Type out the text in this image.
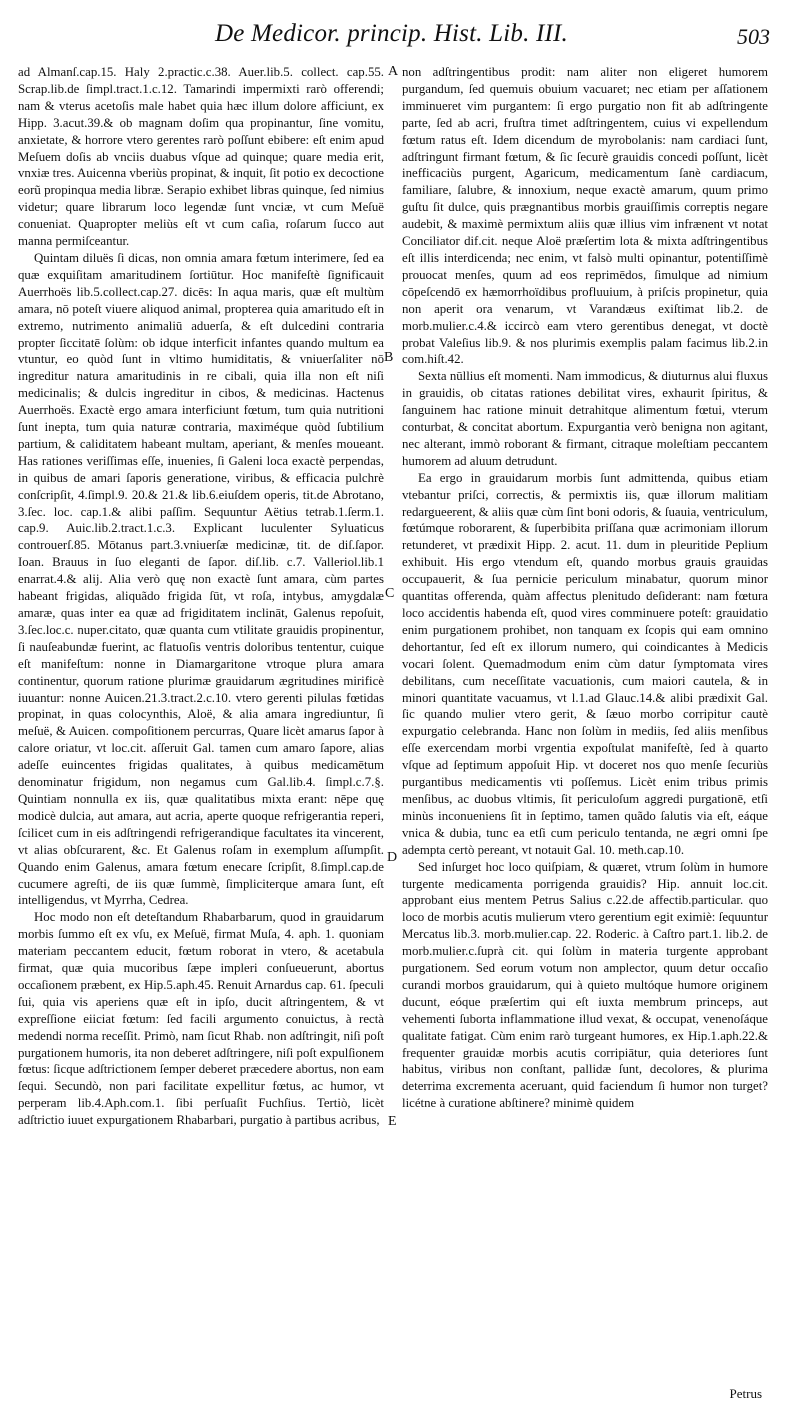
De Medicor. princip. Hist. Lib. III.	503

ad Almanſ.cap.15. Haly 2.practic.c.38. Auer.lib.5. collect. cap.55. Scrap.lib.de ſimpl.tract.1.c.12. Tamarindi impermixti rarò offerendi; nam & vterus acetoſis male habet quia hæc illum dolore afficiunt, ex Hipp. 3.acut.39.& ob magnam doſim qua propinantur, ſine vomitu, anxietate, & horrore vtero gerentes rarò poſſunt ebibere: eſt enim apud Meſuem doſis ab vnciis duabus vſque ad quinque; quare media erit, vnxiæ tres. Auicenna vberiùs propinat, & inquit, ſit potio ex decoctione eorũ propinqua media libræ. Serapio exhibet libras quinque, ſed nimius videtur; quare librarum loco legendæ ſunt vnciæ, vt cum Meſuë conueniat. Quapropter meliùs eſt vt cum caſia, roſarum ſucco aut manna permiſceantur.

Quintam diluës ſi dicas, non omnia amara fœtum interimere, ſed ea quæ exquiſitam amaritudinem ſortiūtur. Hoc manifeſtè ſignificauit Auerrhoës lib.5.collect.cap.27. dicēs: In aqua maris, quæ eſt multùm amara, nō poteſt viuere aliquod animal, propterea quia amaritudo eſt in extremo, nutrimento animaliū aduerſa, & eſt dulcedini contraria propter ſiccitatē ſolùm: ob idque interficit infantes quando multum ea vtuntur, eo quòd ſunt in vltimo humiditatis, & vniuerſaliter nō ingreditur natura amaritudinis in re cibali, quia illa non eſt niſi medicinalis; & dulcis ingreditur in cibos, & medicinas. Hactenus Auerrhoës. Exactè ergo amara interficiunt fœtum, tum quia nutritioni ſunt inepta, tum quia naturæ contraria, maximéque quòd ſubtilium partium, & caliditatem habeant multam, aperiant, & menſes moueant. Has rationes veriſſimas eſſe, inuenies, ſi Galeni loca exactè perpendas, in quibus de amari ſaporis generatione, viribus, & efficacia pulchrè conſcripſit, 4.ſimpl.9. 20.& 21.& lib.6.eiuſdem operis, tit.de Abrotano, 3.ſec. loc. cap.1.& alibi paſſim. Sequuntur Aëtius tetrab.1.ſerm.1. cap.9. Auic.lib.2.tract.1.c.3. Explicant luculenter Syluaticus controuerſ.85. Mōtanus part.3.vniuerſæ medicinæ, tit. de diſ.ſapor. Ioan. Brauus in ſuo eleganti de ſapor. diſ.lib. c.7. Valleriol.lib.1 enarrat.4.& alij. Alia verò quę non exactè ſunt amara, cùm partes habeant frigidas, aliquãdo frigida ſūt, vt roſa, intybus, amygdalæ amaræ, quas inter ea quæ ad frigiditatem inclināt, Galenus repoſuit, 3.ſec.loc.c. nuper.citato, quæ quanta cum vtilitate grauidis propinentur, ſi nauſeabundæ fuerint, ac flatuoſis ventris doloribus tententur, cuique eſt manifeſtum: nonne in Diamargaritone vtroque plura amara continentur, quorum ratione plurimæ grauidarum ægritudines mirificè iuuantur: nonne Auicen.21.3.tract.2.c.10. vtero gerenti pilulas fœtidas propinat, in quas colocynthis, Aloë, & alia amara ingrediuntur, ſi meſuë, & Auicen. compoſitionem percurras, Quare licèt amarus ſapor à calore oriatur, vt loc.cit. aſſeruit Gal. tamen cum amaro ſapore, alias adeſſe euincentes frigidas qualitates, à quibus medicamētum denominatur frigidum, non negamus cum Gal.lib.4. ſimpl.c.7.§. Quintiam nonnulla ex iis, quæ qualitatibus mixta erant: nēpe quę modicè dulcia, aut amara, aut acria, aperte quoque refrigerantia reperi, ſcilicet cum in eis adſtringendi refrigerandique facultates ita vincerent, vt alias obſcurarent, &c. Et Galenus roſam in exemplum aſſumpſit. Quando enim Galenus, amara fœtum enecare ſcripſit, 8.ſimpl.cap.de cucumere agreſti, de iis quæ ſummè, ſimpliciterque amara ſunt, eſt intelligendus, vt Myrrha, Cedrea.

Hoc modo non eſt deteſtandum Rhabarbarum, quod in grauidarum morbis ſummo eſt ex vſu, ex Meſuë, firmat Muſa, 4. aph. 1. quoniam materiam peccantem educit, fœtum roborat in vtero, & acetabula firmat, quæ quia mucoribus ſæpe impleri conſueuerunt, abortus occaſionem præbent, ex Hip.5.aph.45. Renuit Arnardus cap. 61. ſpeculi ſui, quia vis aperiens quæ eſt in ipſo, ducit aſtringentem, & vt expreſſione eiiciat fœtum: ſed facili argumento conuictus, à rectà medendi norma receſſit. Primò, nam ſicut Rhab. non adſtringit, niſi poſt purgationem humoris, ita non deberet adſtringere, niſi poſt expulſionem fœtus: ſicque adſtrictionem ſemper deberet præcedere abortus, non eam ſequi. Secundò, non pari facilitate expellitur fœtus, ac humor, vt perperam lib.4.Aph.com.1. ſibi perſuaſit Fuchſius. Tertiò, licèt adſtrictio iuuet expurgationem Rhabarbari, purgatio à partibus acribus,

non adſtringentibus prodit: nam aliter non eligeret humorem purgandum, ſed quemuis obuium vacuaret; nec etiam per aſſationem imminueret vim purgantem: ſi ergo purgatio non fit ab adſtringente parte, ſed ab acri, fruſtra timet adſtringentem, cuius vi expellendum fœtum ratus eſt. Idem dicendum de myrobolanis: nam cardiaci ſunt, adſtringunt firmant fœtum, & ſic ſecurè grauidis concedi poſſunt, licèt inefficaciùs purgent, Agaricum, medicamentum ſanè cardiacum, familiare, ſalubre, & innoxium, neque exactè amarum, quum primo guſtu ſit dulce, quis prægnantibus morbis grauiſſimis correptis negare audebit, & maximè permixtum aliis quæ illius vim infrænent vt notat Conciliator dif.cit. neque Aloë præſertim lota & mixta adſtringentibus eſt illis interdicenda; nec enim, vt falsò multi opinantur, potentiſſimè prouocat menſes, quum ad eos reprimēdos, ſimulque ad nimium cōpeſcendō ex hæmorrhoïdibus profluuium, à priſcis propinetur, quia non aperit ora venarum, vt Varandæus exiſtimat lib.2. de morb.mulier.c.4.& iccircò eam vtero gerentibus denegat, vt doctè probat Valeſius lib.9. & nos plurimis exemplis palam facimus lib.2.in com.hiſt.42.

Sexta nūllius eſt momenti. Nam immodicus, & diuturnus alui fluxus in grauidis, ob citatas rationes debilitat vires, exhaurit ſpiritus, & ſanguinem hac ratione minuit detrahitque alimentum fœtui, vterum conturbat, & concitat abortum. Expurgantia verò benigna non agitant, nec alterant, immò roborant & firmant, citraque moleſtiam peccantem humorem ad aluum detrudunt.

Ea ergo in grauidarum morbis ſunt admittenda, quibus etiam vtebantur priſci, correctis, & permixtis iis, quæ illorum malitiam redargueerent, & aliis quæ cùm ſint boni odoris, & ſuauia, ventriculum, fœtúmque roborarent, & ſuperbibita priſſana quæ acrimoniam illorum retunderet, vt prædixit Hipp. 2. acut. 11. dum in pleuritide Peplium exhibuit. His ergo vtendum eſt, quando morbus grauis grauidas occupauerit, & ſua pernicie periculum minabatur, quorum minor quantitas offerenda, quàm affectus plenitudo deſiderant: nam fœtura loco accidentis habenda eſt, quod vires comminuere poteſt: grauidatio enim purgationem prohibet, non tanquam ex ſcopis qui eam omnino dehortantur, ſed eſt ex illorum numero, qui coindicantes à Medicis vocari ſolent. Quemadmodum enim cùm datur ſymptomata vires debilitans, cum neceſſitate vacuationis, cum maiori cautela, & in minori quantitate vacuamus, vt l.1.ad Glauc.14.& alibi prædixit Gal. ſic quando mulier vtero gerit, & ſæuo morbo corripitur cautè expurgatio celebranda. Hanc non ſolùm in mediis, ſed aliis menſibus eſſe exercendam morbi vrgentia expoſtulat manifeſtè, ſed à quarto vſque ad ſeptimum appoſuit Hip. vt doceret nos quo menſe ſecuriùs purgantibus medicamentis vti poſſemus. Licèt enim tribus primis menſibus, ac duobus vltimis, ſit periculoſum aggredi purgationē, etſi minùs inconueniens ſit in ſeptimo, tamen quãdo ſalutis via eſt, eáque vnica & dubia, tunc ea etſi cum periculo tentanda, ne ægri omni ſpe adempta certò pereant, vt notauit Gal. 10. meth.cap.10.

Sed inſurget hoc loco quiſpiam, & quæret, vtrum ſolùm in humore turgente medicamenta porrigenda grauidis? Hip. annuit loc.cit. approbant eius mentem Petrus Salius c.22.de affectib.particular. quo loco de morbis acutis mulierum vtero gerentium egit eximiè: ſequuntur Mercatus lib.3. morb.mulier.cap. 22. Roderic. à Caſtro part.1. lib.2. de morb.mulier.c.ſuprà cit. qui ſolùm in materia turgente approbant purgationem. Sed eorum votum non amplector, quum detur occaſio curandi morbos grauidarum, qui à quieto multóque humore originem ducunt, eóque præſertim qui eſt iuxta membrum princeps, aut vehementi ſuborta inflammatione illud vexat, & occupat, venenoſáque qualitate fatigat. Cùm enim rarò turgeant humores, ex Hip.1.aph.22.& frequenter grauidæ morbis acutis corripiātur, quia deteriores ſunt habitus, viribus non conſtant, pallidæ ſunt, decolores, & plurima deterrima excrementa aceruant, quid faciendum ſi humor non turget? licétne à curatione abſtinere? minimè quidem

A
B
C
D
E
Petrus
